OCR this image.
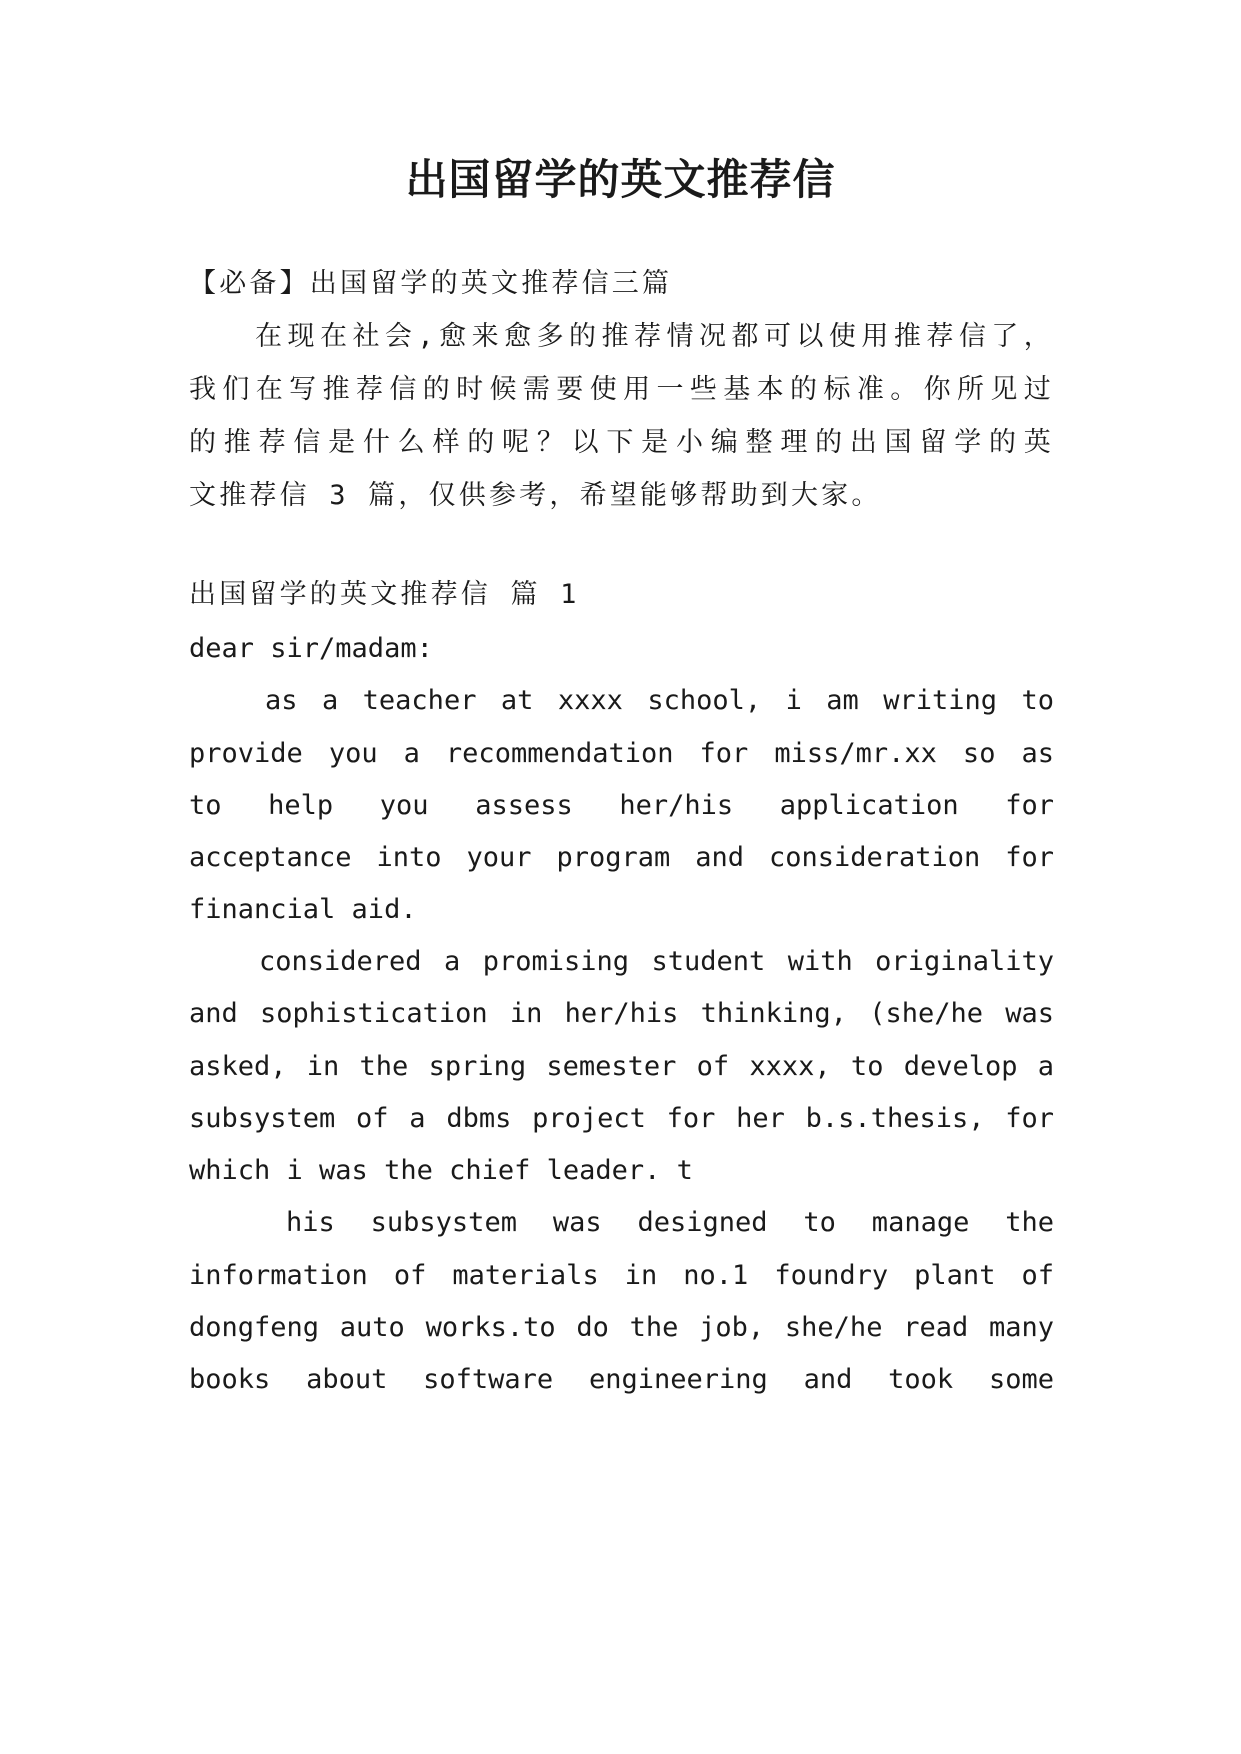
出国留学的英文推荐信
【必备】出国留学的英文推荐信三篇
在现在社会,愈来愈多的推荐情况都可以使用推荐信了，
我们在写推荐信的时候需要使用一些基本的标准。你所见过
的推荐信是什么样的呢？以下是小编整理的出国留学的英
文推荐信 3 篇，仅供参考，希望能够帮助到大家。
出国留学的英文推荐信 篇 1
dear sir/madam:
as a teacher at xxxx school, i am writing to
provide you a recommendation for miss/mr.xx so as
to help you assess her/his application for
acceptance into your program and consideration for
financial aid.
considered a promising student with originality
and sophistication in her/his thinking, (she/he was
asked, in the spring semester of xxxx, to develop a
subsystem of a dbms project for her b.s.thesis, for
which i was the chief leader. t
his subsystem was designed to manage the
information of materials in no.1 foundry plant of
dongfeng auto works.to do the job, she/he read many
books about software engineering and took some
